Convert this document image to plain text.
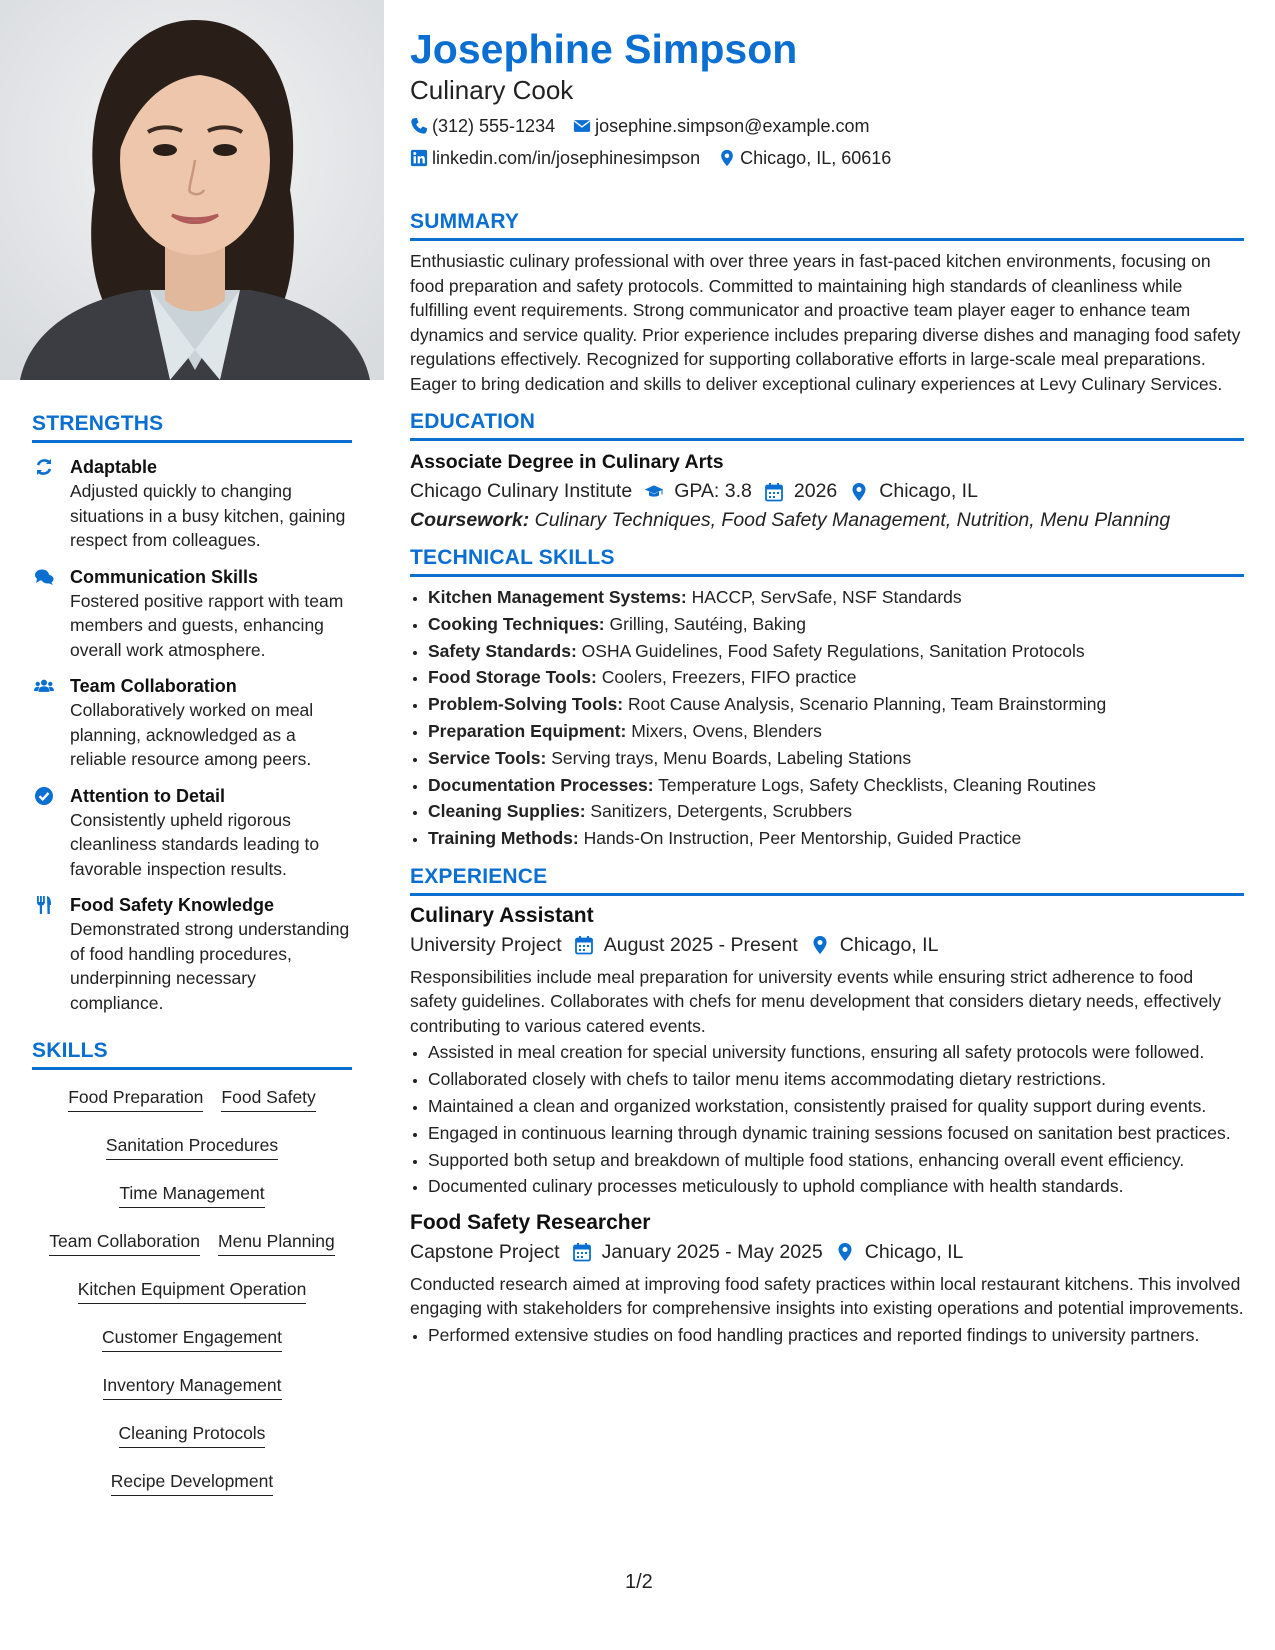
STRENGTHS
Adaptable
Adjusted quickly to changing situations in a busy kitchen, gaining respect from colleagues.
Communication Skills
Fostered positive rapport with team members and guests, enhancing overall work atmosphere.
Team Collaboration
Collaboratively worked on meal planning, acknowledged as a reliable resource among peers.
Attention to Detail
Consistently upheld rigorous cleanliness standards leading to favorable inspection results.
Food Safety Knowledge
Demonstrated strong understanding of food handling procedures, underpinning necessary compliance.
SKILLS
Food Preparation Food Safety
Sanitation Procedures
Time Management
Team Collaboration Menu Planning
Kitchen Equipment Operation
Customer Engagement
Inventory Management
Cleaning Protocols
Recipe Development
Josephine Simpson
Culinary Cook
(312) 555-1234 josephine.simpson@example.com
linkedin.com/in/josephinesimpson Chicago, IL, 60616
SUMMARY
Enthusiastic culinary professional with over three years in fast-paced kitchen environments, focusing on food preparation and safety protocols. Committed to maintaining high standards of cleanliness while fulfilling event requirements. Strong communicator and proactive team player eager to enhance team dynamics and service quality. Prior experience includes preparing diverse dishes and managing food safety regulations effectively. Recognized for supporting collaborative efforts in large-scale meal preparations. Eager to bring dedication and skills to deliver exceptional culinary experiences at Levy Culinary Services.
EDUCATION
Associate Degree in Culinary Arts
Chicago Culinary Institute GPA: 3.8 2026 Chicago, IL
Coursework: Culinary Techniques, Food Safety Management, Nutrition, Menu Planning
TECHNICAL SKILLS
• Kitchen Management Systems: HACCP, ServSafe, NSF Standards
• Cooking Techniques: Grilling, Sautéing, Baking
• Safety Standards: OSHA Guidelines, Food Safety Regulations, Sanitation Protocols
• Food Storage Tools: Coolers, Freezers, FIFO practice
• Problem-Solving Tools: Root Cause Analysis, Scenario Planning, Team Brainstorming
• Preparation Equipment: Mixers, Ovens, Blenders
• Service Tools: Serving trays, Menu Boards, Labeling Stations
• Documentation Processes: Temperature Logs, Safety Checklists, Cleaning Routines
• Cleaning Supplies: Sanitizers, Detergents, Scrubbers
• Training Methods: Hands-On Instruction, Peer Mentorship, Guided Practice
EXPERIENCE
Culinary Assistant
University Project August 2025 - Present Chicago, IL
Responsibilities include meal preparation for university events while ensuring strict adherence to food safety guidelines. Collaborates with chefs for menu development that considers dietary needs, effectively contributing to various catered events.
• Assisted in meal creation for special university functions, ensuring all safety protocols were followed.
• Collaborated closely with chefs to tailor menu items accommodating dietary restrictions.
• Maintained a clean and organized workstation, consistently praised for quality support during events.
• Engaged in continuous learning through dynamic training sessions focused on sanitation best practices.
• Supported both setup and breakdown of multiple food stations, enhancing overall event efficiency.
• Documented culinary processes meticulously to uphold compliance with health standards.
Food Safety Researcher
Capstone Project January 2025 - May 2025 Chicago, IL
Conducted research aimed at improving food safety practices within local restaurant kitchens. This involved engaging with stakeholders for comprehensive insights into existing operations and potential improvements.
• Performed extensive studies on food handling practices and reported findings to university partners.
1/2
